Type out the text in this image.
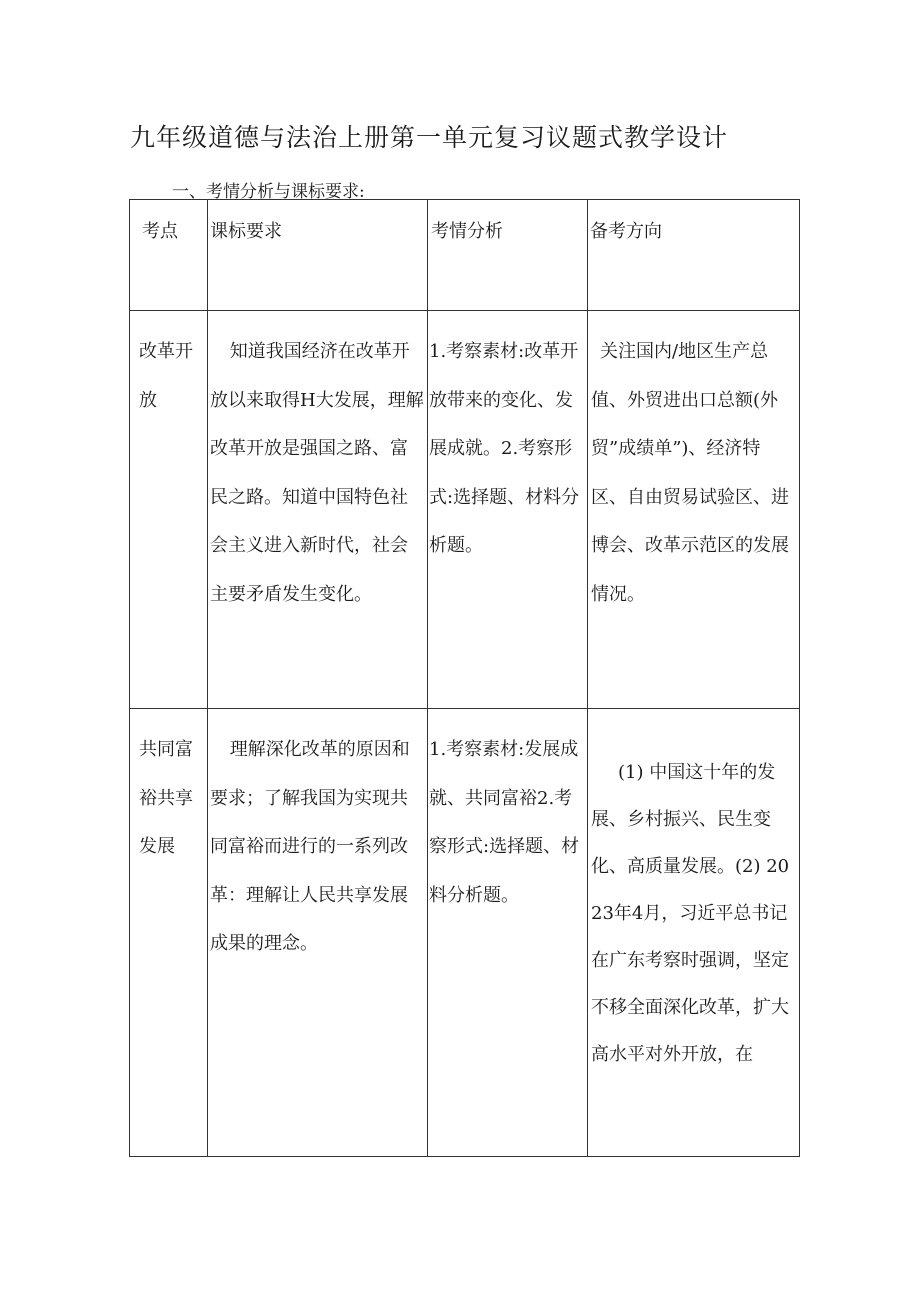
九年级道德与法治上册第一单元复习议题式教学设计
一、考情分析与课标要求:
考点	课标要求	考情分析	备考方向

改革开放	知道我国经济在改革开放以来取得H大发展，理解改革开放是强国之路、富民之路。知道中国特色社会主义进入新时代，社会主要矛盾发生变化。	1.考察素材:改革开放带来的变化、发展成就。2.考察形式:选择题、材料分析题。	关注国内/地区生产总值、外贸进出口总额(外贸”成绩单”)、经济特区、自由贸易试验区、进博会、改革示范区的发展情况。

共同富裕共享发展	理解深化改革的原因和要求；了解我国为实现共同富裕而进行的一系列改革：理解让人民共享发展成果的理念。	1.考察素材:发展成就、共同富裕2.考察形式:选择题、材料分析题。	(1) 中国这十年的发展、乡村振兴、民生变化、高质量发展。(2) 2023年4月，习近平总书记在广东考察时强调，坚定不移全面深化改革，扩大高水平对外开放，在
